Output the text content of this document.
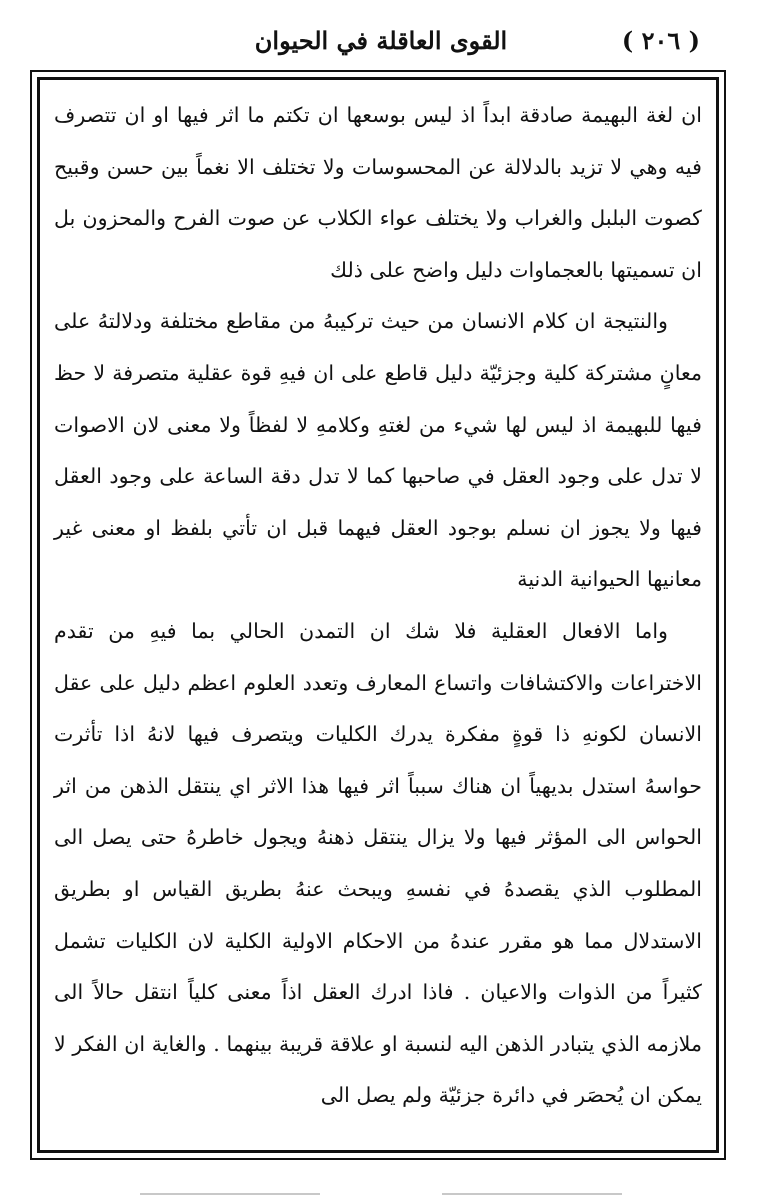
( ٢٠٦ )
القوى العاقلة في الحيوان

ان لغة البهيمة صادقة ابداً اذ ليس بوسعها ان تكتم ما اثر فيها او ان تتصرف فيه وهي لا تزيد بالدلالة عن المحسوسات ولا تختلف الا نغماً بين حسن وقبيح كصوت البلبل والغراب ولا يختلف عواء الكلاب عن صوت الفرح والمحزون بل ان تسميتها بالعجماوات دليل واضح على ذلك

والنتيجة ان كلام الانسان من حيث تركيبهُ من مقاطع مختلفة ودلالتهُ على معانٍ مشتركة كلية وجزئيّة دليل قاطع على ان فيهِ قوة عقلية متصرفة لا حظ فيها للبهيمة اذ ليس لها شيء من لغتهِ وكلامهِ لا لفظاً ولا معنى لان الاصوات لا تدل على وجود العقل في صاحبها كما لا تدل دقة الساعة على وجود العقل فيها ولا يجوز ان نسلم بوجود العقل فيهما قبل ان تأتي بلفظ او معنى غير معانيها الحيوانية الدنية

واما الافعال العقلية فلا شك ان التمدن الحالي بما فيهِ من تقدم الاختراعات والاكتشافات واتساع المعارف وتعدد العلوم اعظم دليل على عقل الانسان لكونهِ ذا قوةٍ مفكرة يدرك الكليات ويتصرف فيها لانهُ اذا تأثرت حواسهُ استدل بديهياً ان هناك سبباً اثر فيها هذا الاثر اي ينتقل الذهن من اثر الحواس الى المؤثر فيها ولا يزال ينتقل ذهنهُ ويجول خاطرهُ حتى يصل الى المطلوب الذي يقصدهُ في نفسهِ ويبحث عنهُ بطريق القياس او بطريق الاستدلال مما هو مقرر عندهُ من الاحكام الاولية الكلية لان الكليات تشمل كثيراً من الذوات والاعيان . فاذا ادرك العقل اذاً معنى كلياً انتقل حالاً الى ملازمه الذي يتبادر الذهن اليه لنسبة او علاقة قريبة بينهما . والغاية ان الفكر لا يمكن ان يُحصَر في دائرة جزئيّة ولم يصل الى
